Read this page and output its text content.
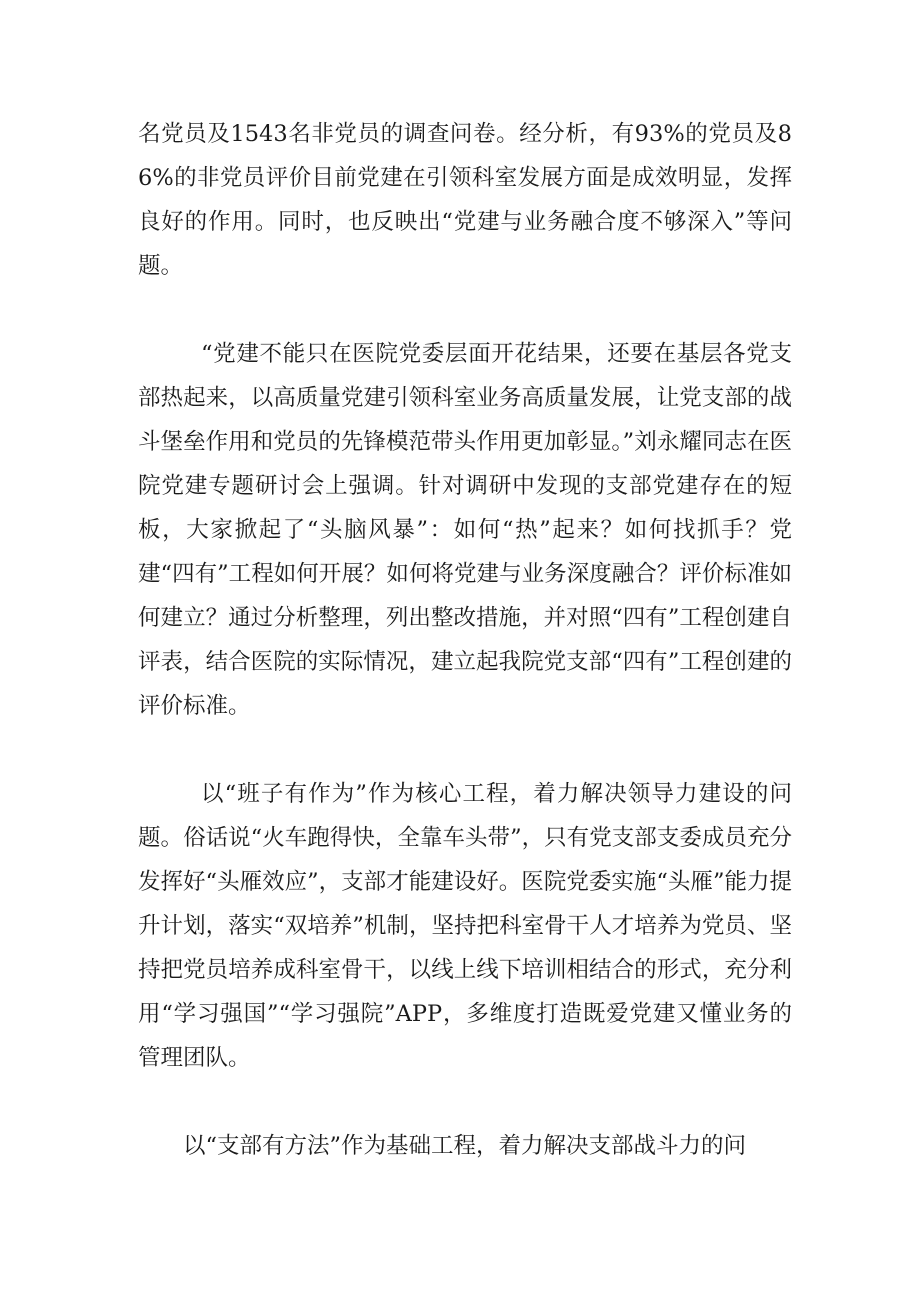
名党员及1543名非党员的调查问卷。经分析，有93%的党员及86%的非党员评价目前党建在引领科室发展方面是成效明显，发挥良好的作用。同时，也反映出“党建与业务融合度不够深入”等问题。

“党建不能只在医院党委层面开花结果，还要在基层各党支部热起来，以高质量党建引领科室业务高质量发展，让党支部的战斗堡垒作用和党员的先锋模范带头作用更加彰显。”刘永耀同志在医院党建专题研讨会上强调。针对调研中发现的支部党建存在的短板，大家掀起了“头脑风暴”：如何“热”起来？如何找抓手？党建“四有”工程如何开展？如何将党建与业务深度融合？评价标准如何建立？通过分析整理，列出整改措施，并对照“四有”工程创建自评表，结合医院的实际情况，建立起我院党支部“四有”工程创建的评价标准。

以“班子有作为”作为核心工程，着力解决领导力建设的问题。俗话说“火车跑得快，全靠车头带”，只有党支部支委成员充分发挥好“头雁效应”，支部才能建设好。医院党委实施“头雁”能力提升计划，落实“双培养”机制，坚持把科室骨干人才培养为党员、坚持把党员培养成科室骨干，以线上线下培训相结合的形式，充分利用“学习强国”“学习强院”APP，多维度打造既爱党建又懂业务的管理团队。

以“支部有方法”作为基础工程，着力解决支部战斗力的问
